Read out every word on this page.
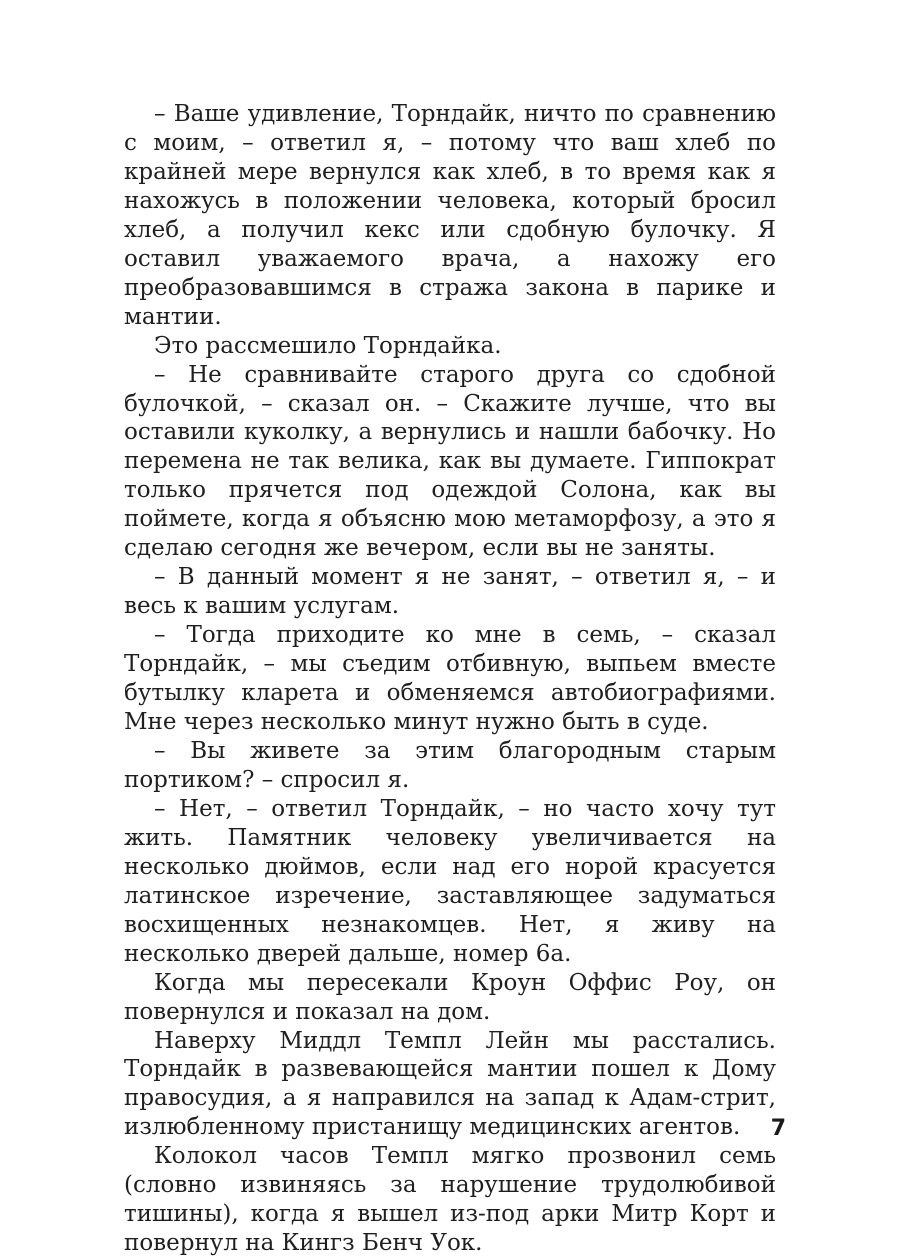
– Ваше удивление, Торндайк, ничто по сравнению с моим, – ответил я, – потому что ваш хлеб по крайней мере вернулся как хлеб, в то время как я нахожусь в положении человека, который бросил хлеб, а получил кекс или сдобную булочку. Я оставил уважаемого врача, а нахожу его преобразовавшимся в стража закона в парике и мантии.

Это рассмешило Торндайка.

– Не сравнивайте старого друга со сдобной булочкой, – сказал он. – Скажите лучше, что вы оставили куколку, а вернулись и нашли бабочку. Но перемена не так велика, как вы думаете. Гиппократ только прячется под одеждой Солона, как вы поймете, когда я объясню мою метаморфозу, а это я сделаю сегодня же вечером, если вы не заняты.

– В данный момент я не занят, – ответил я, – и весь к вашим услугам.

– Тогда приходите ко мне в семь, – сказал Торндайк, – мы съедим отбивную, выпьем вместе бутылку кларета и обменяемся автобиографиями. Мне через несколько минут нужно быть в суде.

– Вы живете за этим благородным старым портиком? – спросил я.

– Нет, – ответил Торндайк, – но часто хочу тут жить. Памятник человеку увеличивается на несколько дюймов, если над его норой красуется латинское изречение, заставляющее задуматься восхищенных незнакомцев. Нет, я живу на несколько дверей дальше, номер 6а.

Когда мы пересекали Кроун Оффис Роу, он повернулся и показал на дом.

Наверху Миддл Темпл Лейн мы расстались. Торндайк в развевающейся мантии пошел к Дому правосудия, а я направился на запад к Адам-стрит, излюбленному пристанищу медицинских агентов.

Колокол часов Темпл мягко прозвонил семь (словно извиняясь за нарушение трудолюбивой тишины), когда я вышел из-под арки Митр Корт и повернул на Кингз Бенч Уок.

7
